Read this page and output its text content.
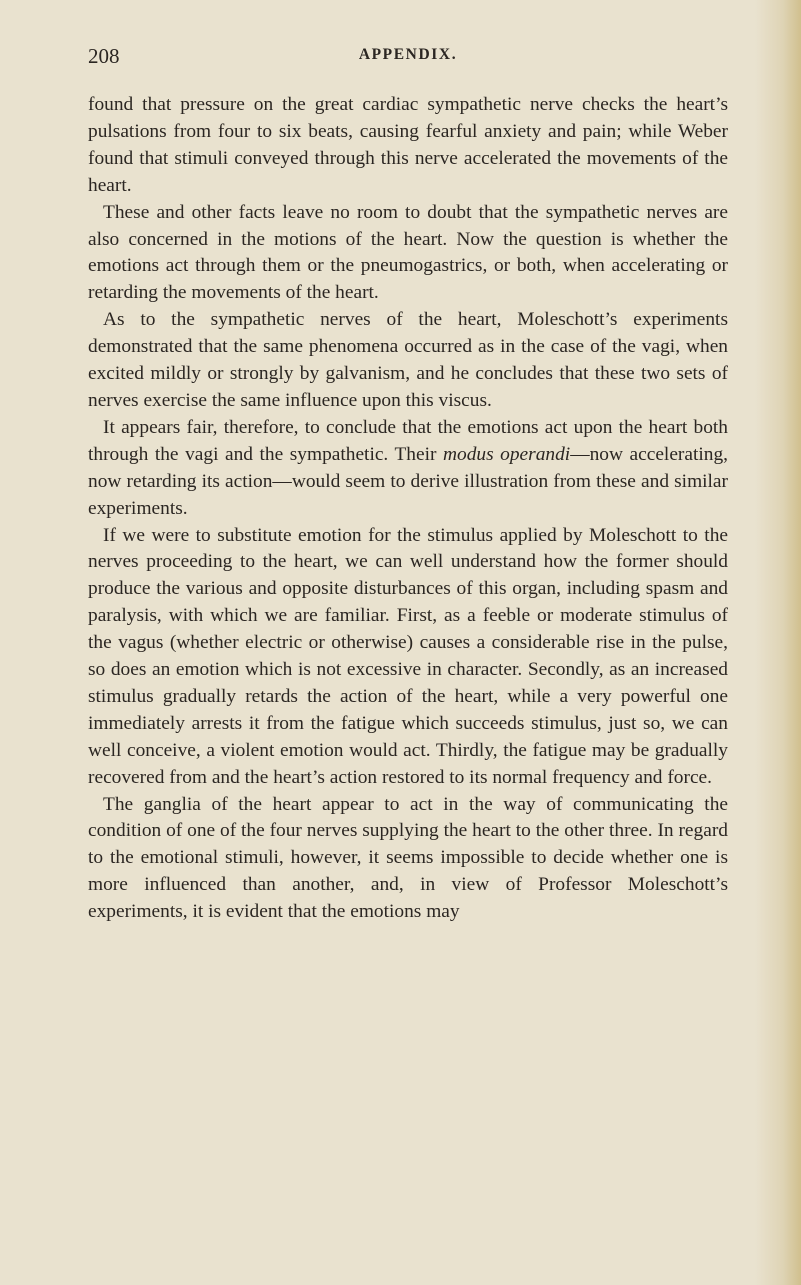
208	APPENDIX.

found that pressure on the great cardiac sympathetic nerve checks the heart’s pulsations from four to six beats, causing fearful anxiety and pain; while Weber found that stimuli conveyed through this nerve accelerated the movements of the heart.

These and other facts leave no room to doubt that the sympathetic nerves are also concerned in the motions of the heart. Now the question is whether the emotions act through them or the pneumogastrics, or both, when accelerating or retarding the movements of the heart.

As to the sympathetic nerves of the heart, Moleschott’s experiments demonstrated that the same phenomena occurred as in the case of the vagi, when excited mildly or strongly by galvanism, and he concludes that these two sets of nerves exercise the same influence upon this viscus.

It appears fair, therefore, to conclude that the emotions act upon the heart both through the vagi and the sympathetic. Their modus operandi—now accelerating, now retarding its action—would seem to derive illustration from these and similar experiments.

If we were to substitute emotion for the stimulus applied by Moleschott to the nerves proceeding to the heart, we can well understand how the former should produce the various and opposite disturbances of this organ, including spasm and paralysis, with which we are familiar. First, as a feeble or moderate stimulus of the vagus (whether electric or otherwise) causes a considerable rise in the pulse, so does an emotion which is not excessive in character. Secondly, as an increased stimulus gradually retards the action of the heart, while a very powerful one immediately arrests it from the fatigue which succeeds stimulus, just so, we can well conceive, a violent emotion would act. Thirdly, the fatigue may be gradually recovered from and the heart’s action restored to its normal frequency and force.

The ganglia of the heart appear to act in the way of communicating the condition of one of the four nerves supplying the heart to the other three. In regard to the emotional stimuli, however, it seems impossible to decide whether one is more influenced than another, and, in view of Professor Moleschott’s experiments, it is evident that the emotions may
